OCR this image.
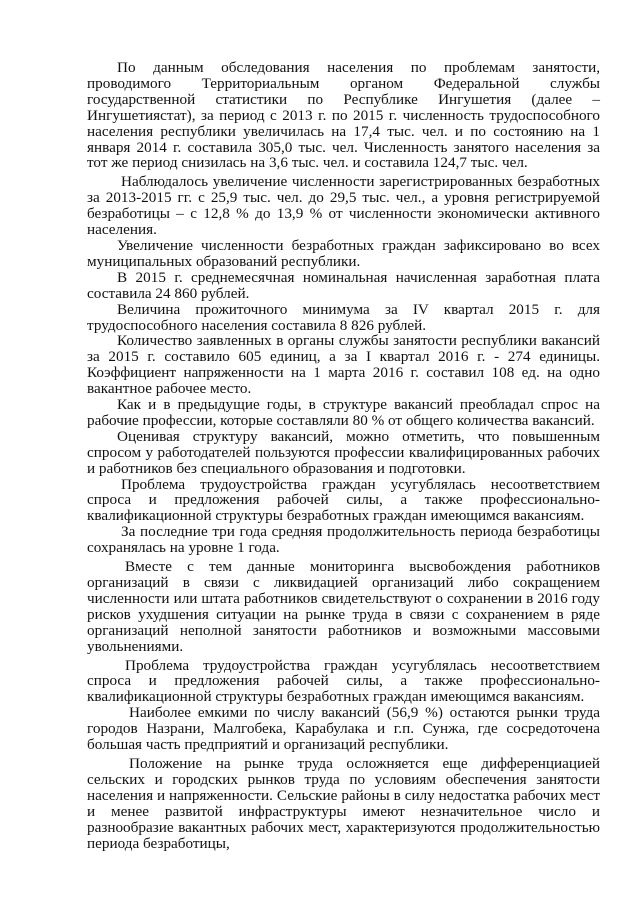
По данным обследования населения по проблемам занятости, проводимого Территориальным органом Федеральной службы государственной статистики по Республике Ингушетия (далее – Ингушетиястат), за период с 2013 г. по 2015 г. численность трудоспособного населения республики увеличилась на 17,4 тыс. чел. и по состоянию на 1 января 2014 г. составила 305,0 тыс. чел. Численность занятого населения за тот же период снизилась на 3,6 тыс. чел. и составила 124,7 тыс. чел.

Наблюдалось увеличение численности зарегистрированных безработных за 2013-2015 гг. с 25,9 тыс. чел. до 29,5 тыс. чел., а уровня регистрируемой безработицы – с 12,8 % до 13,9 % от численности экономически активного населения.

Увеличение численности безработных граждан зафиксировано во всех муниципальных образований республики.

В 2015 г. среднемесячная номинальная начисленная заработная плата составила 24 860 рублей.

Величина прожиточного минимума за IV квартал 2015 г. для трудоспособного населения составила 8 826 рублей.

Количество заявленных в органы службы занятости республики вакансий за 2015 г. составило 605 единиц, а за I квартал 2016 г. - 274 единицы. Коэффициент напряженности на 1 марта 2016 г. составил 108 ед. на одно вакантное рабочее место.

Как и в предыдущие годы, в структуре вакансий преобладал спрос на рабочие профессии, которые составляли 80 % от общего количества вакансий.

Оценивая структуру вакансий, можно отметить, что повышенным спросом у работодателей пользуются профессии квалифицированных рабочих и работников без специального образования и подготовки.

Проблема трудоустройства граждан усугублялась несоответствием спроса и предложения рабочей силы, а также профессионально-квалификационной структуры безработных граждан имеющимся вакансиям.

За последние три года средняя продолжительность периода безработицы сохранялась на уровне 1 года.

Вместе с тем данные мониторинга высвобождения работников организаций в связи с ликвидацией организаций либо сокращением численности или штата работников свидетельствуют о сохранении в 2016 году рисков ухудшения ситуации на рынке труда в связи с сохранением в ряде организаций неполной занятости работников и возможными массовыми увольнениями.

Проблема трудоустройства граждан усугублялась несоответствием спроса и предложения рабочей силы, а также профессионально-квалификационной структуры безработных граждан имеющимся вакансиям.

Наиболее емкими по числу вакансий (56,9 %) остаются рынки труда городов Назрани, Малгобека, Карабулака и г.п. Сунжа, где сосредоточена большая часть предприятий и организаций республики.

Положение на рынке труда осложняется еще дифференциацией сельских и городских рынков труда по условиям обеспечения занятости населения и напряженности. Сельские районы в силу недостатка рабочих мест и менее развитой инфраструктуры имеют незначительное число и разнообразие вакантных рабочих мест, характеризуются продолжительностью периода безработицы,
